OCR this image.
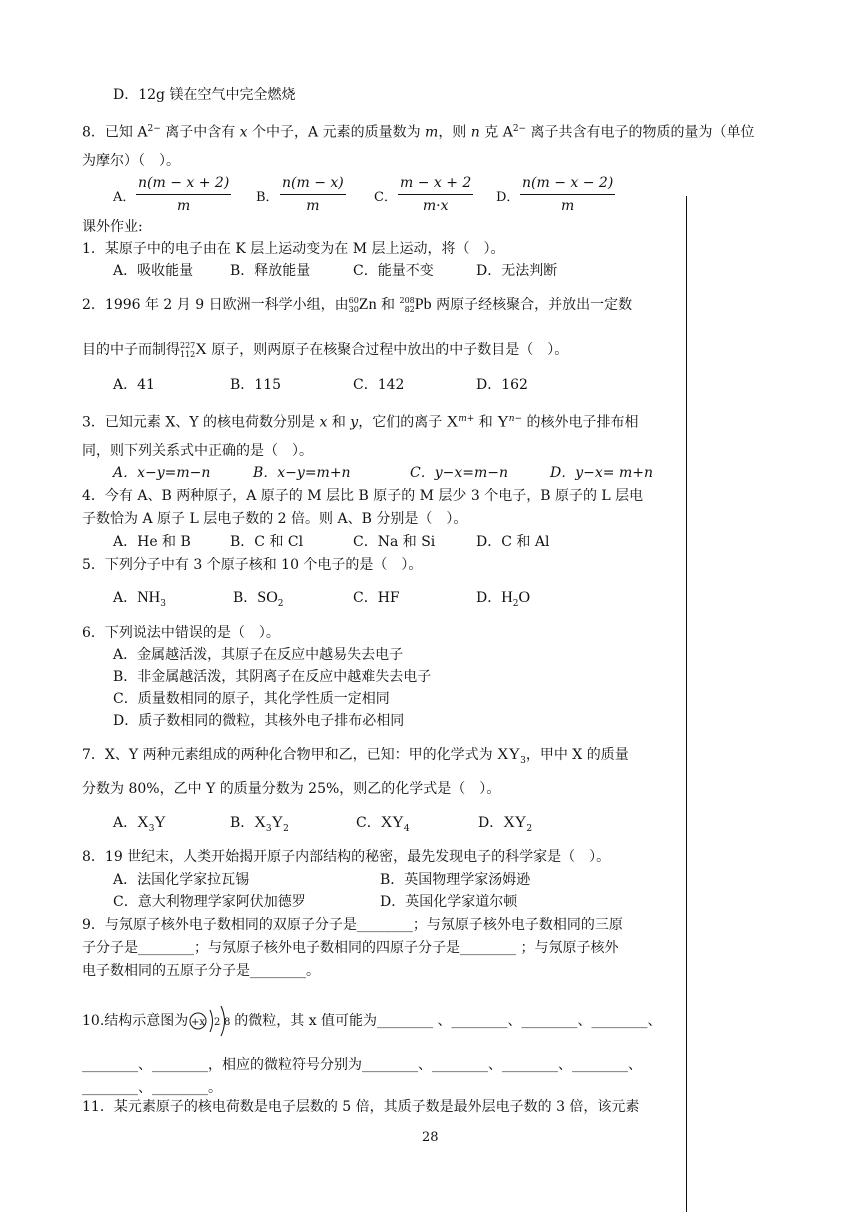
D．12g 镁在空气中完全燃烧
8．已知 $A^{2-}$ 离子中含有 x 个中子，A 元素的质量数为 m，则 n 克 $A^{2-}$ 离子共含有电子的物质的量为（单位
为摩尔）（　）。
A．
n(m − x + 2)
m
B．
n(m − x)
m
C．
m − x + 2
m·x
D．
n(m − x − 2)
m
课外作业:
1．某原子中的电子由在 K 层上运动变为在 M 层上运动，将（　）。
A．吸收能量	B．释放能量	C．能量不变	D．无法判断
2．1996 年 2 月 9 日欧洲一科学小组，由60
30Zn 和 208
82Pb 两原子经核聚合，并放出一定数
目的中子而制得227
112X 原子，则两原子在核聚合过程中放出的中子数目是（　）。
A．41	B．115	C．142	D．162
3．已知元素 X、Y 的核电荷数分别是 x 和 y，它们的离子 $X^{m+}$ 和 $Y^{n-}$ 的核外电子排布相
同，则下列关系式中正确的是（　）。
A．x−y=m−n	B．x−y=m+n	C．y−x=m−n	D．y−x= m+n
4．今有 A、B 两种原子，A 原子的 M 层比 B 原子的 M 层少 3 个电子，B 原子的 L 层电
子数恰为 A 原子 L 层电子数的 2 倍。则 A、B 分别是（　）。
A．He 和 B	B．C 和 Cl	C．Na 和 Si	D．C 和 Al
5．下列分子中有 3 个原子核和 10 个电子的是（　）。
A．$NH_3$	B．$SO_2$	C．HF	D．$H_2O$
6．下列说法中错误的是（　）。
A．金属越活泼，其原子在反应中越易失去电子
B．非金属越活泼，其阴离子在反应中越难失去电子
C．质量数相同的原子，其化学性质一定相同
D．质子数相同的微粒，其核外电子排布必相同
7．X、Y 两种元素组成的两种化合物甲和乙，已知：甲的化学式为 $XY_3$，甲中 X 的质量
分数为 80%，乙中 Y 的质量分数为 25%，则乙的化学式是（　）。
A．$X_3Y$	B．$X_3Y_2$	C．$XY_4$	D．$XY_2$
8．19 世纪末，人类开始揭开原子内部结构的秘密，最先发现电子的科学家是（　）。
A．法国化学家拉瓦锡	B．英国物理学家汤姆逊
C．意大利物理学家阿伏加德罗	D．英国化学家道尔顿
9．与氖原子核外电子数相同的双原子分子是________；与氖原子核外电子数相同的三原
子分子是________；与氖原子核外电子数相同的四原子分子是________ ；与氖原子核外
电子数相同的五原子分子是________。
10.结构示意图为 +x 2 8 的微粒，其 x 值可能为________ 、________、________、________、
________、________，相应的微粒符号分别为________、________、________、________、
________、________。
11．某元素原子的核电荷数是电子层数的 5 倍，其质子数是最外层电子数的 3 倍，该元素
28
